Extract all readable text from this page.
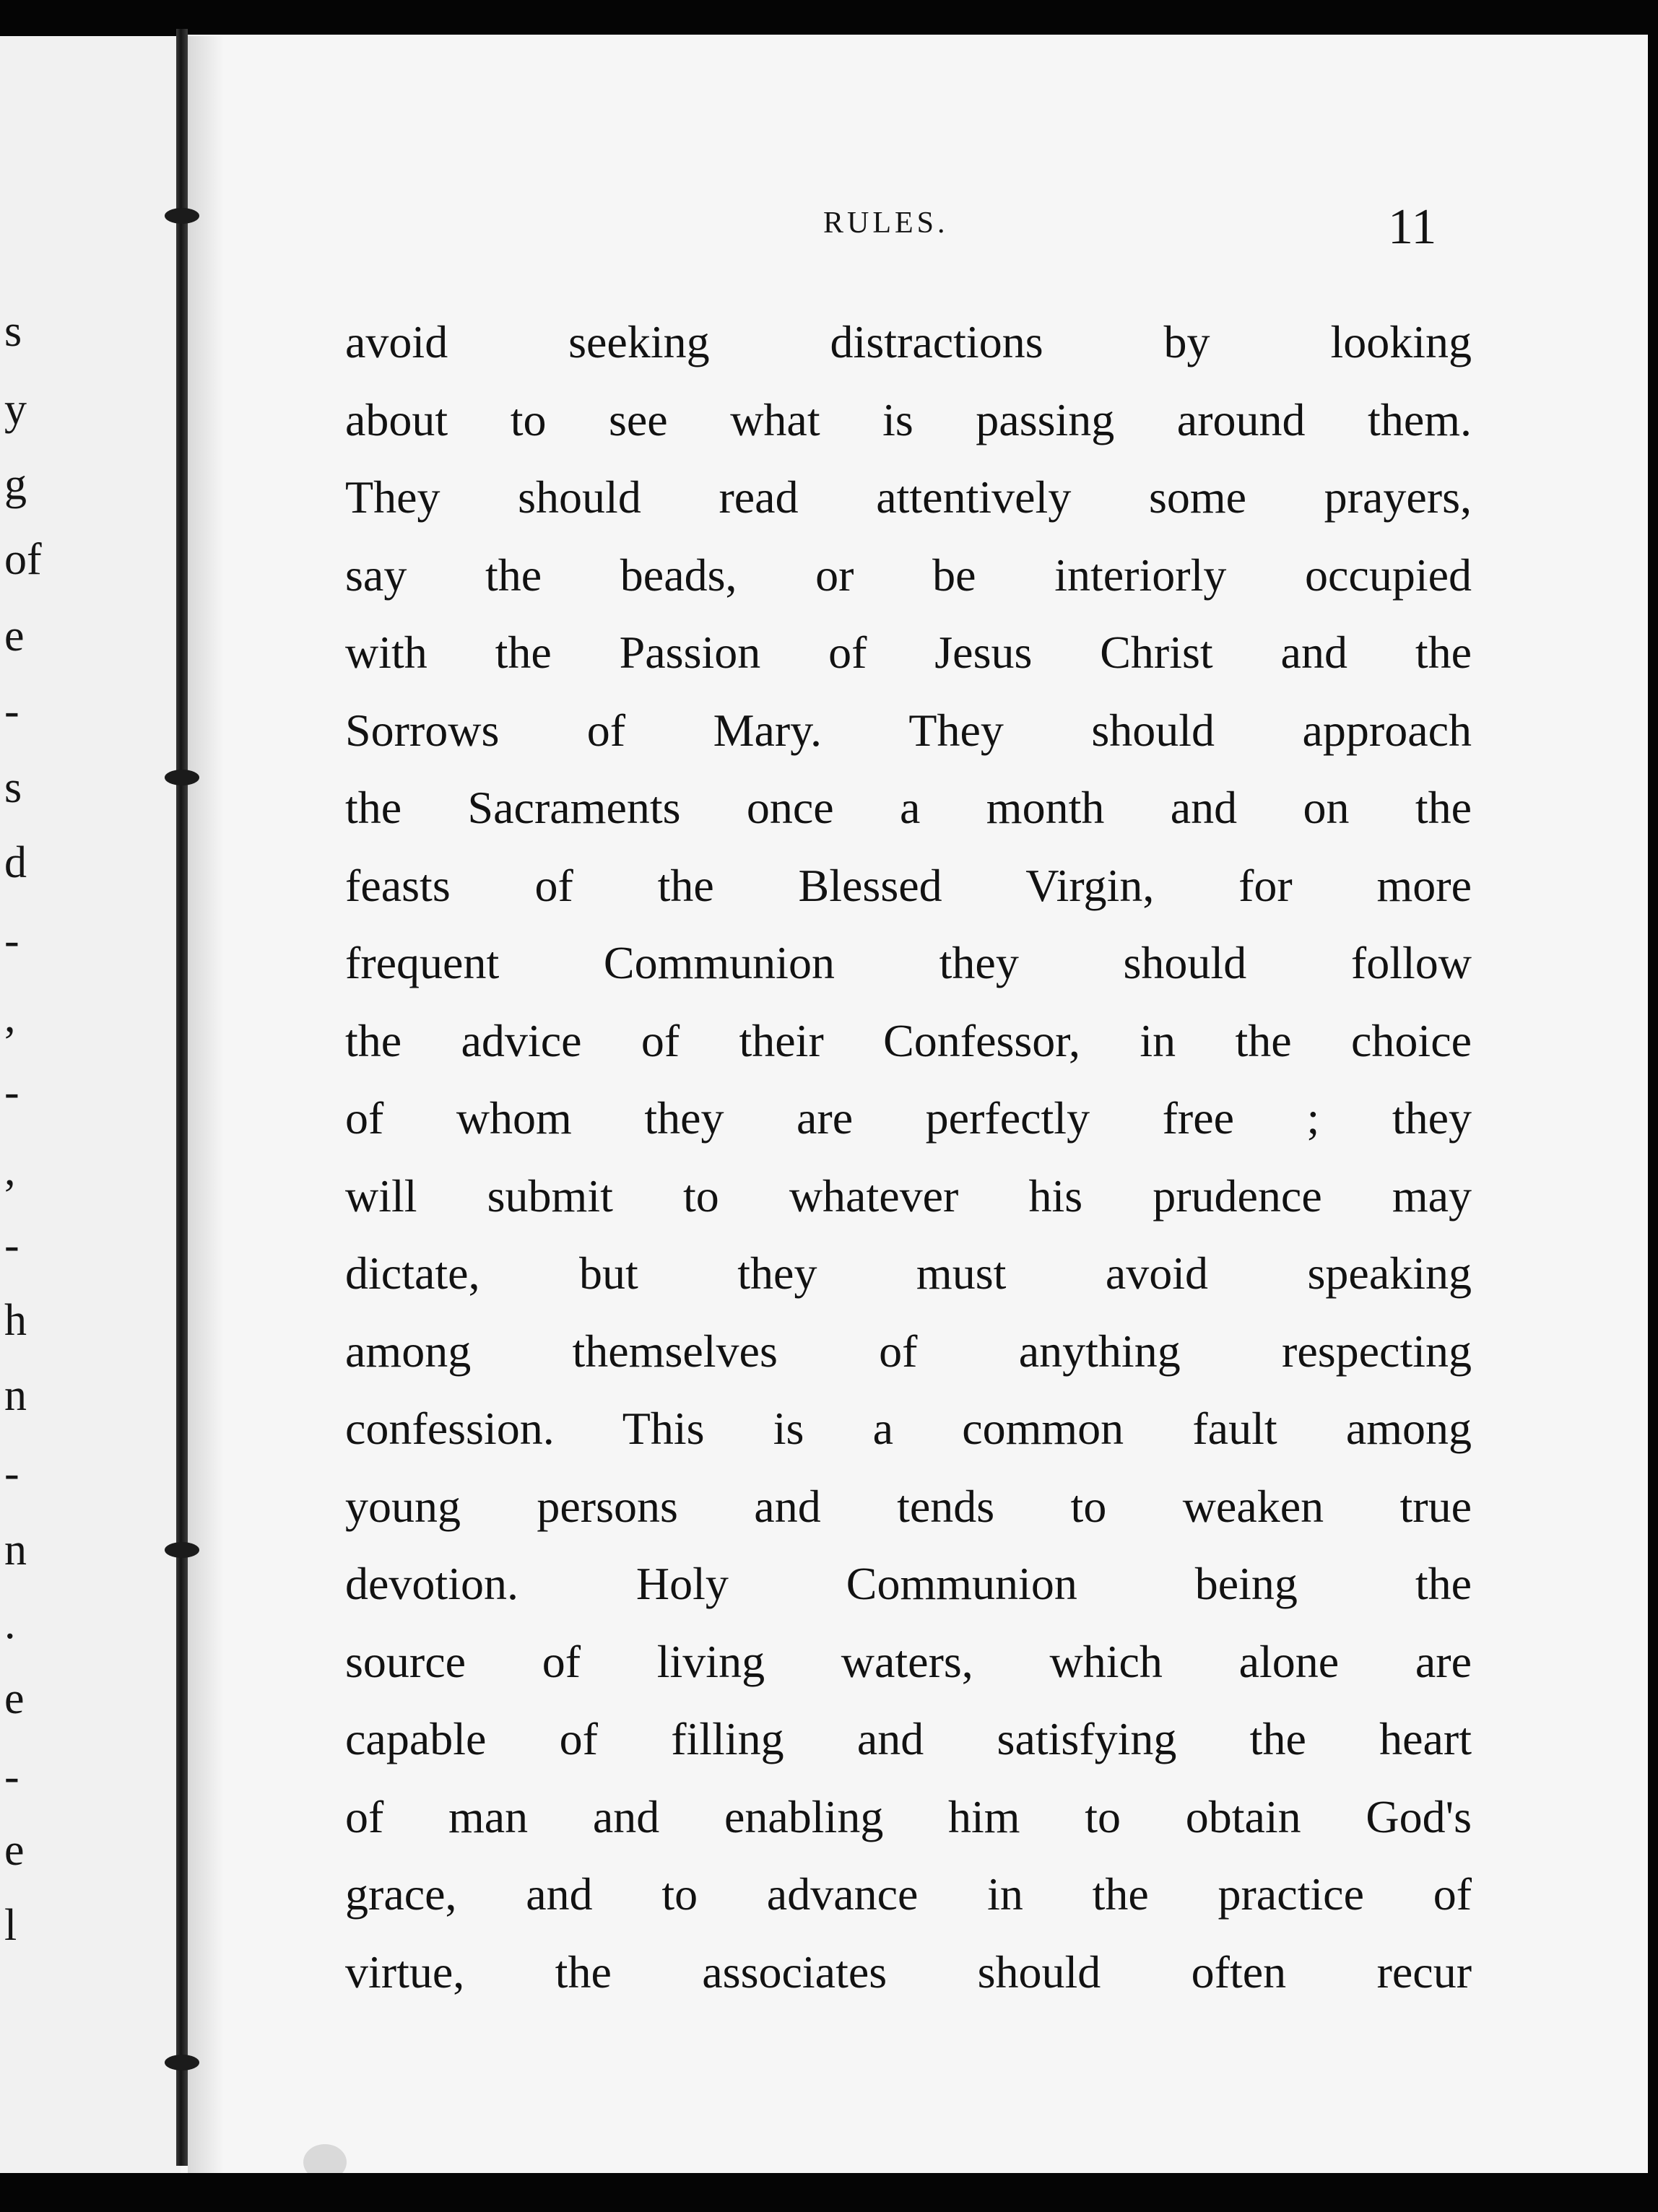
s
y
g
of
e
-
s
d
-
,
-
,
-
h
n
-
n
.
e
-
e
l
RULES.	11
avoid seeking distractions by looking
about to see what is passing around them.
They should read attentively some prayers,
say the beads, or be interiorly occupied
with the Passion of Jesus Christ and the
Sorrows of Mary. They should approach
the Sacraments once a month and on the
feasts of the Blessed Virgin, for more
frequent Communion they should follow
the advice of their Confessor, in the choice
of whom they are perfectly free ; they
will submit to whatever his prudence may
dictate, but they must avoid speaking
among themselves of anything respecting
confession. This is a common fault among
young persons and tends to weaken true
devotion. Holy Communion being the
source of living waters, which alone are
capable of filling and satisfying the heart
of man and enabling him to obtain God's
grace, and to advance in the practice of
virtue, the associates should often recur
